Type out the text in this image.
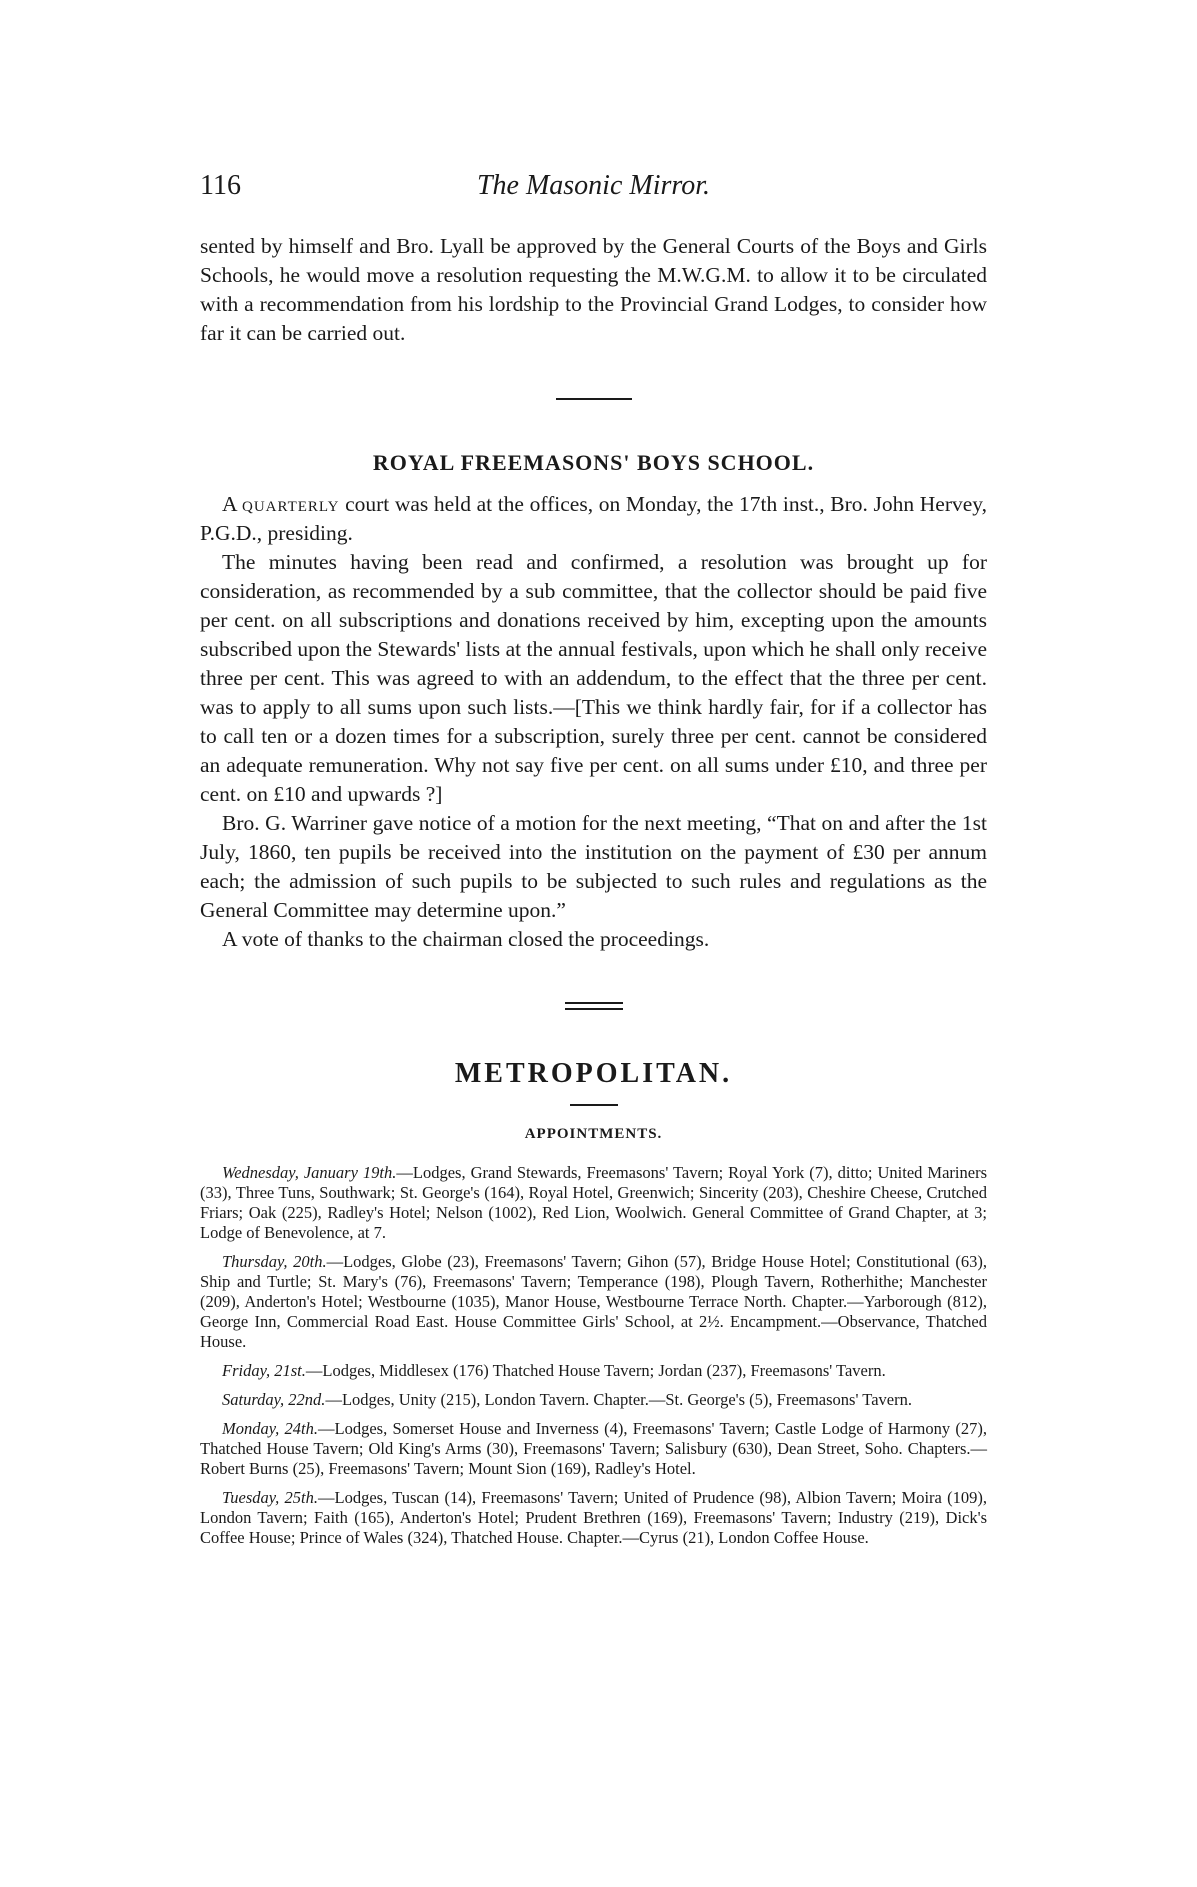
116	The Masonic Mirror.

sented by himself and Bro. Lyall be approved by the General Courts of the Boys and Girls Schools, he would move a resolution requesting the M.W.G.M. to allow it to be circulated with a recommendation from his lordship to the Provincial Grand Lodges, to consider how far it can be carried out.

ROYAL FREEMASONS' BOYS SCHOOL.

A quarterly court was held at the offices, on Monday, the 17th inst., Bro. John Hervey, P.G.D., presiding.

The minutes having been read and confirmed, a resolution was brought up for consideration, as recommended by a sub committee, that the collector should be paid five per cent. on all subscriptions and donations received by him, excepting upon the amounts subscribed upon the Stewards' lists at the annual festivals, upon which he shall only receive three per cent. This was agreed to with an addendum, to the effect that the three per cent. was to apply to all sums upon such lists.—[This we think hardly fair, for if a collector has to call ten or a dozen times for a subscription, surely three per cent. cannot be considered an adequate remuneration. Why not say five per cent. on all sums under £10, and three per cent. on £10 and upwards ?]

Bro. G. Warriner gave notice of a motion for the next meeting, “That on and after the 1st July, 1860, ten pupils be received into the institution on the payment of £30 per annum each; the admission of such pupils to be subjected to such rules and regulations as the General Committee may determine upon.”

A vote of thanks to the chairman closed the proceedings.

METROPOLITAN.
APPOINTMENTS.

Wednesday, January 19th.—Lodges, Grand Stewards, Freemasons' Tavern; Royal York (7), ditto; United Mariners (33), Three Tuns, Southwark; St. George's (164), Royal Hotel, Greenwich; Sincerity (203), Cheshire Cheese, Crutched Friars; Oak (225), Radley's Hotel; Nelson (1002), Red Lion, Woolwich. General Committee of Grand Chapter, at 3; Lodge of Benevolence, at 7.

Thursday, 20th.—Lodges, Globe (23), Freemasons' Tavern; Gihon (57), Bridge House Hotel; Constitutional (63), Ship and Turtle; St. Mary's (76), Freemasons' Tavern; Temperance (198), Plough Tavern, Rotherhithe; Manchester (209), Anderton's Hotel; Westbourne (1035), Manor House, Westbourne Terrace North. Chapter.—Yarborough (812), George Inn, Commercial Road East. House Committee Girls' School, at 2½. Encampment.—Observance, Thatched House.

Friday, 21st.—Lodges, Middlesex (176) Thatched House Tavern; Jordan (237), Freemasons' Tavern.

Saturday, 22nd.—Lodges, Unity (215), London Tavern. Chapter.—St. George's (5), Freemasons' Tavern.

Monday, 24th.—Lodges, Somerset House and Inverness (4), Freemasons' Tavern; Castle Lodge of Harmony (27), Thatched House Tavern; Old King's Arms (30), Freemasons' Tavern; Salisbury (630), Dean Street, Soho. Chapters.—Robert Burns (25), Freemasons' Tavern; Mount Sion (169), Radley's Hotel.

Tuesday, 25th.—Lodges, Tuscan (14), Freemasons' Tavern; United of Prudence (98), Albion Tavern; Moira (109), London Tavern; Faith (165), Anderton's Hotel; Prudent Brethren (169), Freemasons' Tavern; Industry (219), Dick's Coffee House; Prince of Wales (324), Thatched House. Chapter.—Cyrus (21), London Coffee House.
